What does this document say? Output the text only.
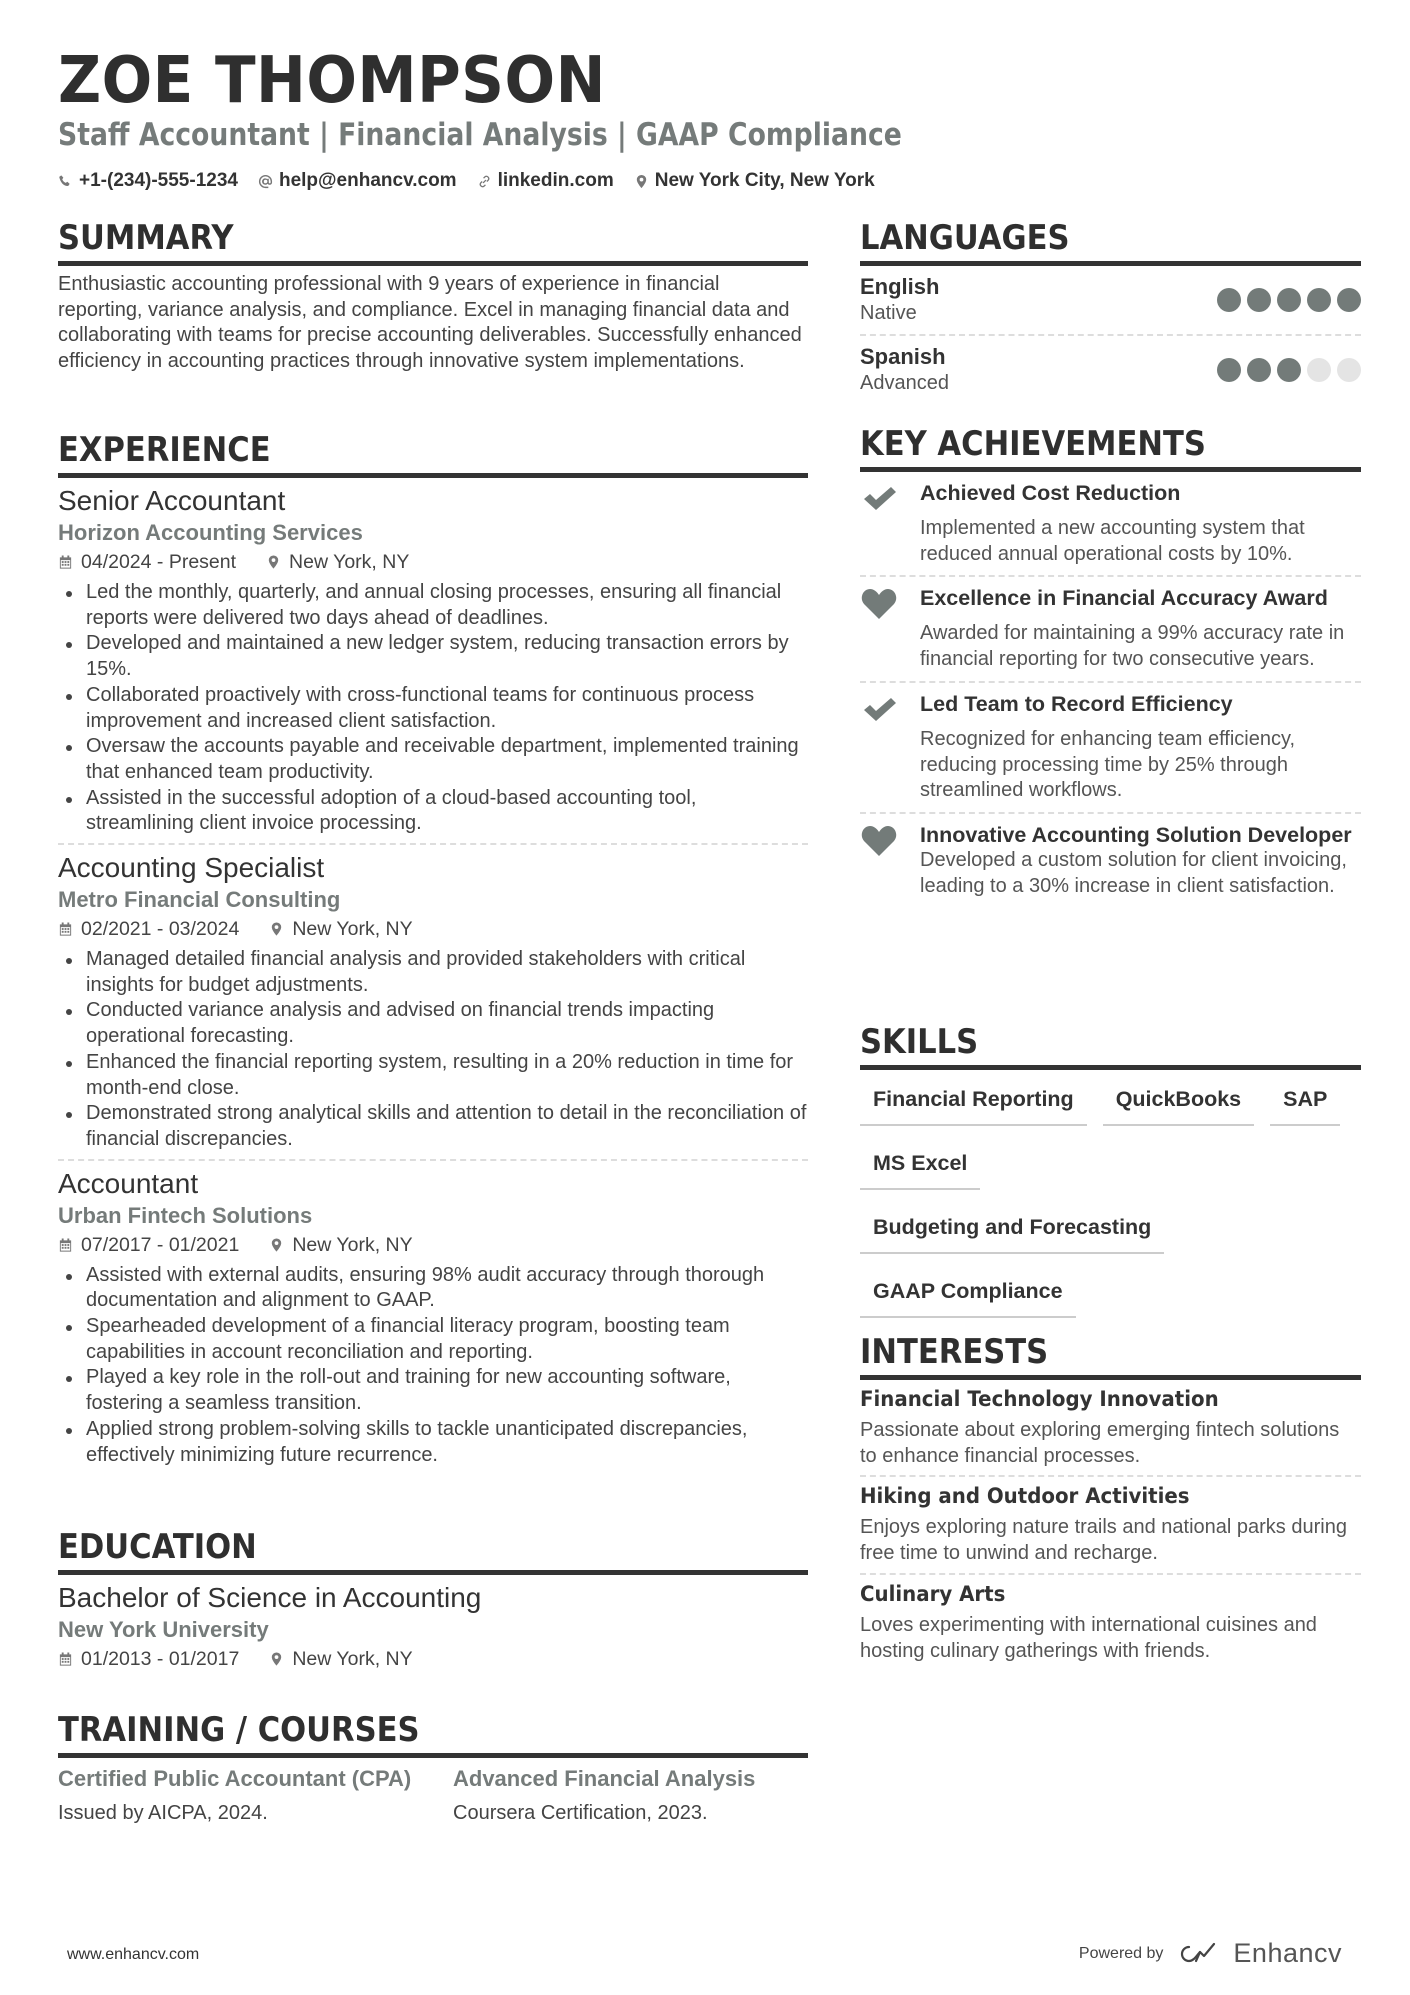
ZOE THOMPSON
Staff Accountant | Financial Analysis | GAAP Compliance
+1-(234)-555-1234 help@enhancv.com linkedin.com New York City, New York
SUMMARY
Enthusiastic accounting professional with 9 years of experience in financial reporting, variance analysis, and compliance. Excel in managing financial data and collaborating with teams for precise accounting deliverables. Successfully enhanced efficiency in accounting practices through innovative system implementations.
EXPERIENCE
Senior Accountant
Horizon Accounting Services
04/2024 - Present	New York, NY
Led the monthly, quarterly, and annual closing processes, ensuring all financial reports were delivered two days ahead of deadlines.
Developed and maintained a new ledger system, reducing transaction errors by 15%.
Collaborated proactively with cross-functional teams for continuous process improvement and increased client satisfaction.
Oversaw the accounts payable and receivable department, implemented training that enhanced team productivity.
Assisted in the successful adoption of a cloud-based accounting tool, streamlining client invoice processing.
Accounting Specialist
Metro Financial Consulting
02/2021 - 03/2024	New York, NY
Managed detailed financial analysis and provided stakeholders with critical insights for budget adjustments.
Conducted variance analysis and advised on financial trends impacting operational forecasting.
Enhanced the financial reporting system, resulting in a 20% reduction in time for month-end close.
Demonstrated strong analytical skills and attention to detail in the reconciliation of financial discrepancies.
Accountant
Urban Fintech Solutions
07/2017 - 01/2021	New York, NY
Assisted with external audits, ensuring 98% audit accuracy through thorough documentation and alignment to GAAP.
Spearheaded development of a financial literacy program, boosting team capabilities in account reconciliation and reporting.
Played a key role in the roll-out and training for new accounting software, fostering a seamless transition.
Applied strong problem-solving skills to tackle unanticipated discrepancies, effectively minimizing future recurrence.
EDUCATION
Bachelor of Science in Accounting
New York University
01/2013 - 01/2017	New York, NY
TRAINING / COURSES
Certified Public Accountant (CPA)
Issued by AICPA, 2024.
Advanced Financial Analysis
Coursera Certification, 2023.
LANGUAGES
English
Native
Spanish
Advanced
KEY ACHIEVEMENTS
Achieved Cost Reduction
Implemented a new accounting system that reduced annual operational costs by 10%.
Excellence in Financial Accuracy Award
Awarded for maintaining a 99% accuracy rate in financial reporting for two consecutive years.
Led Team to Record Efficiency
Recognized for enhancing team efficiency, reducing processing time by 25% through streamlined workflows.
Innovative Accounting Solution Developer
Developed a custom solution for client invoicing, leading to a 30% increase in client satisfaction.
SKILLS
Financial Reporting	QuickBooks	SAP
MS Excel
Budgeting and Forecasting
GAAP Compliance
INTERESTS
Financial Technology Innovation
Passionate about exploring emerging fintech solutions to enhance financial processes.
Hiking and Outdoor Activities
Enjoys exploring nature trails and national parks during free time to unwind and recharge.
Culinary Arts
Loves experimenting with international cuisines and hosting culinary gatherings with friends.
www.enhancv.com	Powered by	Enhancv
